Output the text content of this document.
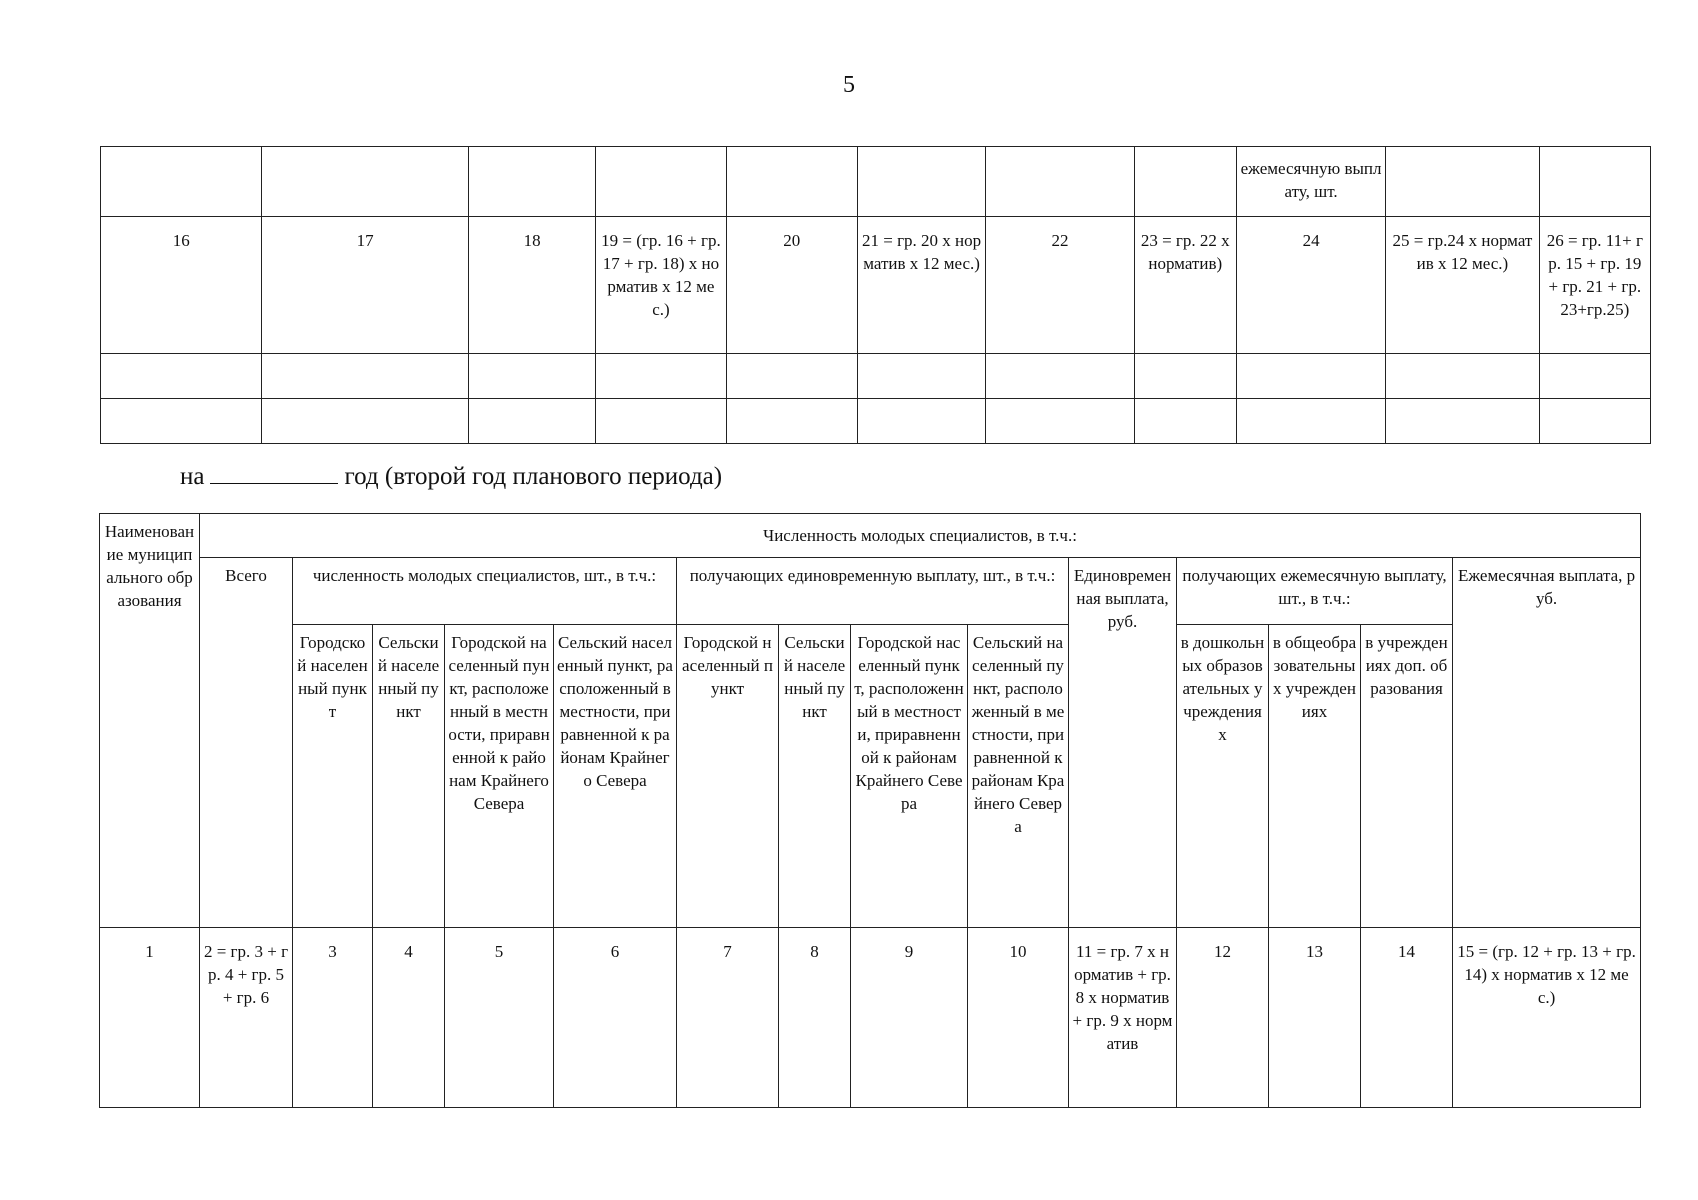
5
								ежемесячную выплату, шт.		
16	17	18	19 = (гр. 16 + гр. 17 + гр. 18) х норматив х 12 мес.)	20	21 = гр. 20 х норматив х 12 мес.)	22	23 = гр. 22 х норматив)	24	25 = гр.24 х норматив х 12 мес.)	26 = гр. 11+ гр. 15 + гр. 19 + гр. 21 + гр. 23+гр.25)

на	год (второй год планового периода)
Наименование муниципального образования	Численность молодых специалистов, в т.ч.:													
	Всего	численность молодых специалистов, шт., в т.ч.:				получающих единовременную выплату, шт., в т.ч.:				Единовременная выплата, руб.	получающих ежемесячную выплату, шт., в т.ч.:			Ежемесячная выплата, руб.
		Городской населенный пункт	Сельский населенный пункт	Городской населенный пункт, расположенный в местности, приравненной к районам Крайнего Севера	Сельский населенный пункт, расположенный в местности, приравненной к районам Крайнего Севера	Городской населенный пункт	Сельский населенный пункт	Городской населенный пункт, расположенный в местности, приравненной к районам Крайнего Севера	Сельский населенный пункт, расположенный в местности, приравненной к районам Крайнего Севера		в дошкольных образовательных учреждениях	в общеобразовательных учреждениях	в учреждениях доп. образования	
1	2 = гр. 3 + гр. 4 + гр. 5 + гр. 6	3	4	5	6	7	8	9	10	11 = гр. 7 х норматив + гр. 8 х норматив + гр. 9 х норматив	12	13	14	15 = (гр. 12 + гр. 13 + гр. 14) х норматив х 12 мес.)
